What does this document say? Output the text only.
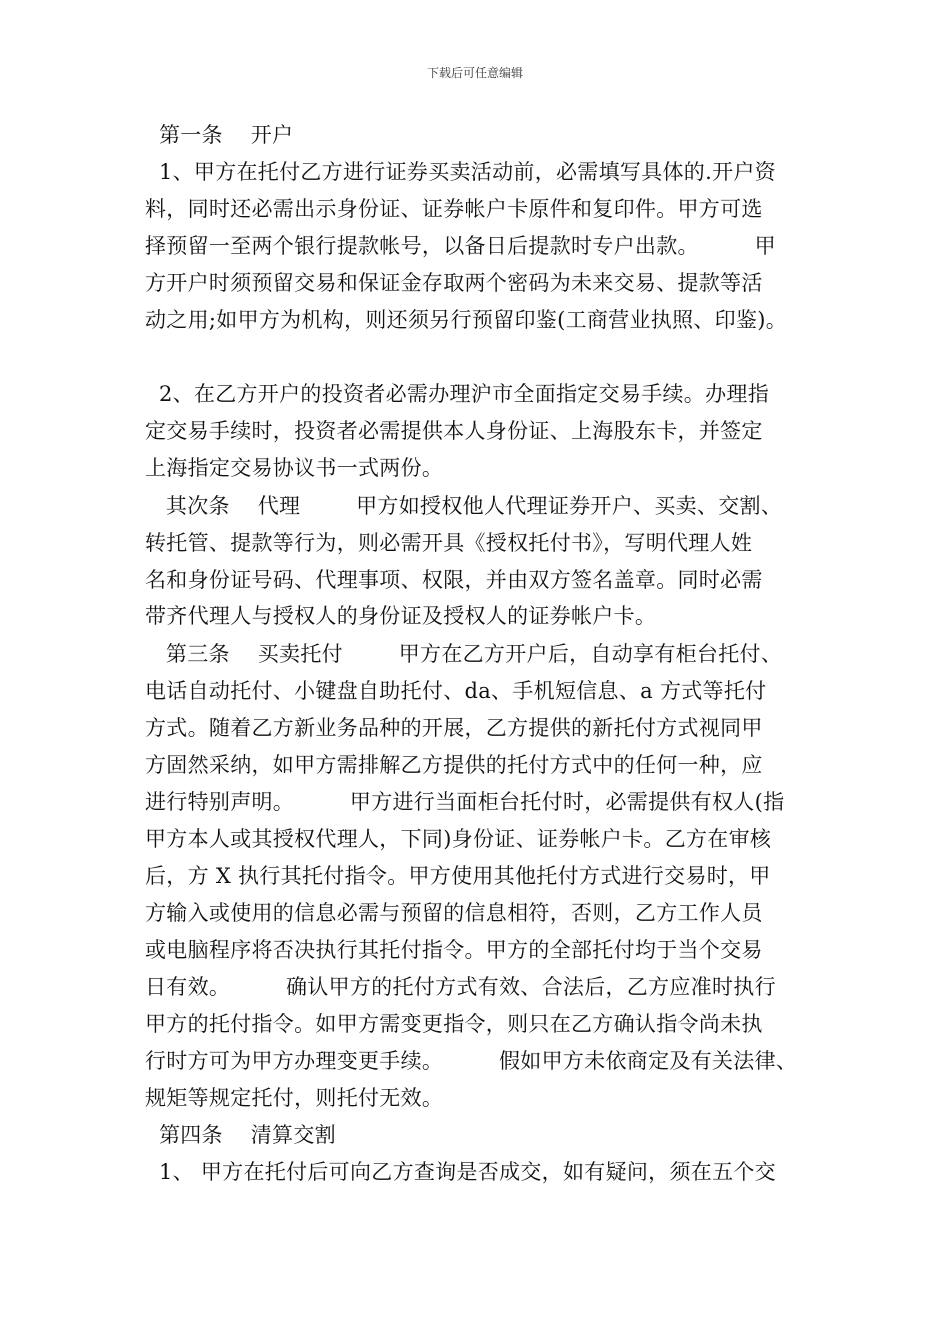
下载后可任意编辑
第一条    开户
1、甲方在托付乙方进行证券买卖活动前，必需填写具体的.开户资
料，同时还必需出示身份证、证券帐户卡原件和复印件。甲方可选
择预留一至两个银行提款帐号，以备日后提款时专户出款。        甲
方开户时须预留交易和保证金存取两个密码为未来交易、提款等活
动之用;如甲方为机构，则还须另行预留印鉴(工商营业执照、印鉴)。
2、在乙方开户的投资者必需办理沪市全面指定交易手续。办理指
定交易手续时，投资者必需提供本人身份证、上海股东卡，并签定
上海指定交易协议书一式两份。
其次条    代理        甲方如授权他人代理证券开户、买卖、交割、
转托管、提款等行为，则必需开具《授权托付书》，写明代理人姓
名和身份证号码、代理事项、权限，并由双方签名盖章。同时必需
带齐代理人与授权人的身份证及授权人的证券帐户卡。
第三条    买卖托付        甲方在乙方开户后，自动享有柜台托付、
电话自动托付、小键盘自助托付、da、手机短信息、a 方式等托付
方式。随着乙方新业务品种的开展，乙方提供的新托付方式视同甲
方固然采纳，如甲方需排解乙方提供的托付方式中的任何一种，应
进行特别声明。        甲方进行当面柜台托付时，必需提供有权人(指
甲方本人或其授权代理人，下同)身份证、证券帐户卡。乙方在审核
后，方 X 执行其托付指令。甲方使用其他托付方式进行交易时，甲
方输入或使用的信息必需与预留的信息相符，否则，乙方工作人员
或电脑程序将否决执行其托付指令。甲方的全部托付均于当个交易
日有效。        确认甲方的托付方式有效、合法后，乙方应准时执行
甲方的托付指令。如甲方需变更指令，则只在乙方确认指令尚未执
行时方可为甲方办理变更手续。        假如甲方未依商定及有关法律、
规矩等规定托付，则托付无效。
第四条    清算交割
1、 甲方在托付后可向乙方查询是否成交，如有疑问，须在五个交
